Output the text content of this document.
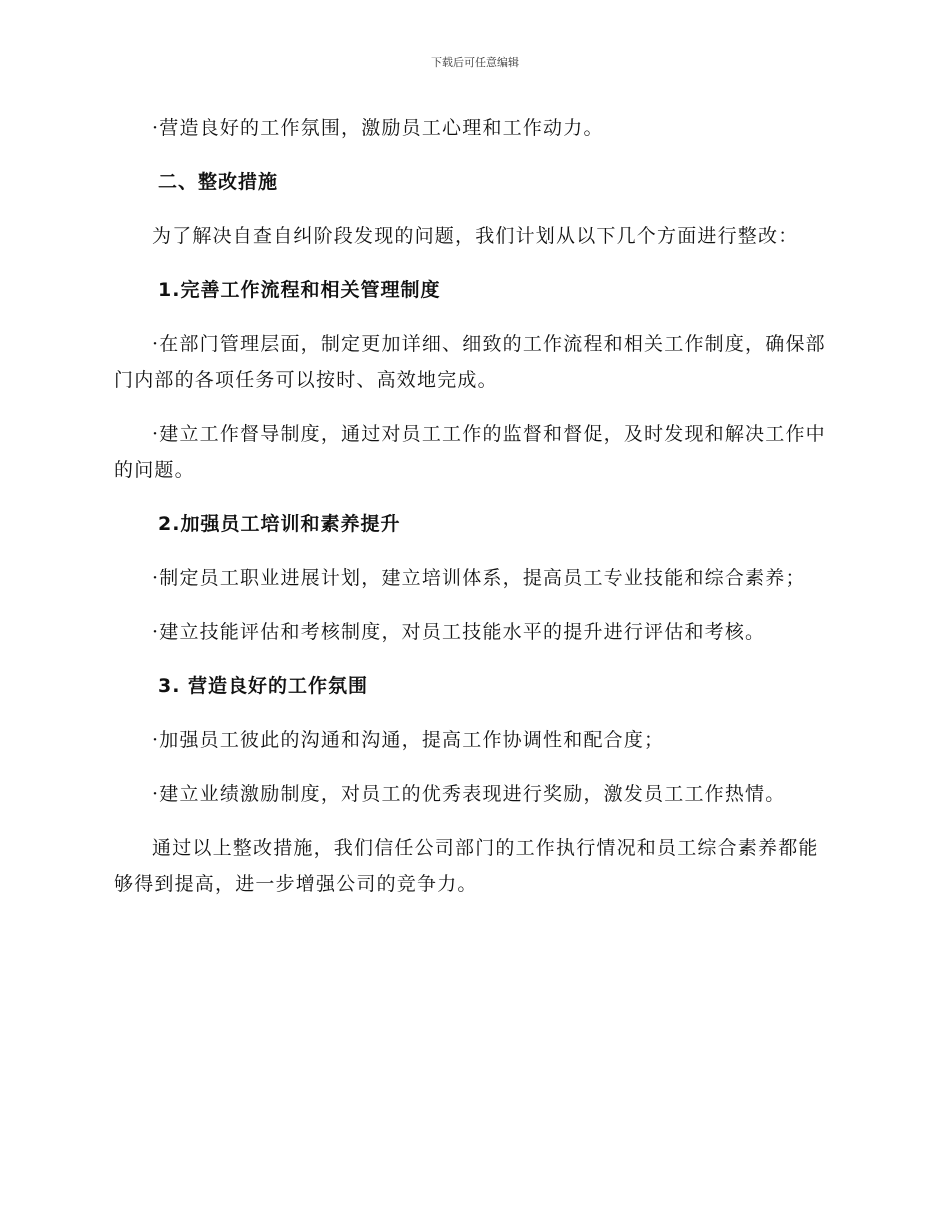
下载后可任意编辑

·营造良好的工作氛围，激励员工心理和工作动力。

二、整改措施

为了解决自查自纠阶段发现的问题，我们计划从以下几个方面进行整改：

1.完善工作流程和相关管理制度

·在部门管理层面，制定更加详细、细致的工作流程和相关工作制度，确保部门内部的各项任务可以按时、高效地完成。

·建立工作督导制度，通过对员工工作的监督和督促，及时发现和解决工作中的问题。

2.加强员工培训和素养提升

·制定员工职业进展计划，建立培训体系，提高员工专业技能和综合素养；

·建立技能评估和考核制度，对员工技能水平的提升进行评估和考核。

3. 营造良好的工作氛围

·加强员工彼此的沟通和沟通，提高工作协调性和配合度；

·建立业绩激励制度，对员工的优秀表现进行奖励，激发员工工作热情。

通过以上整改措施，我们信任公司部门的工作执行情况和员工综合素养都能够得到提高，进一步增强公司的竞争力。
